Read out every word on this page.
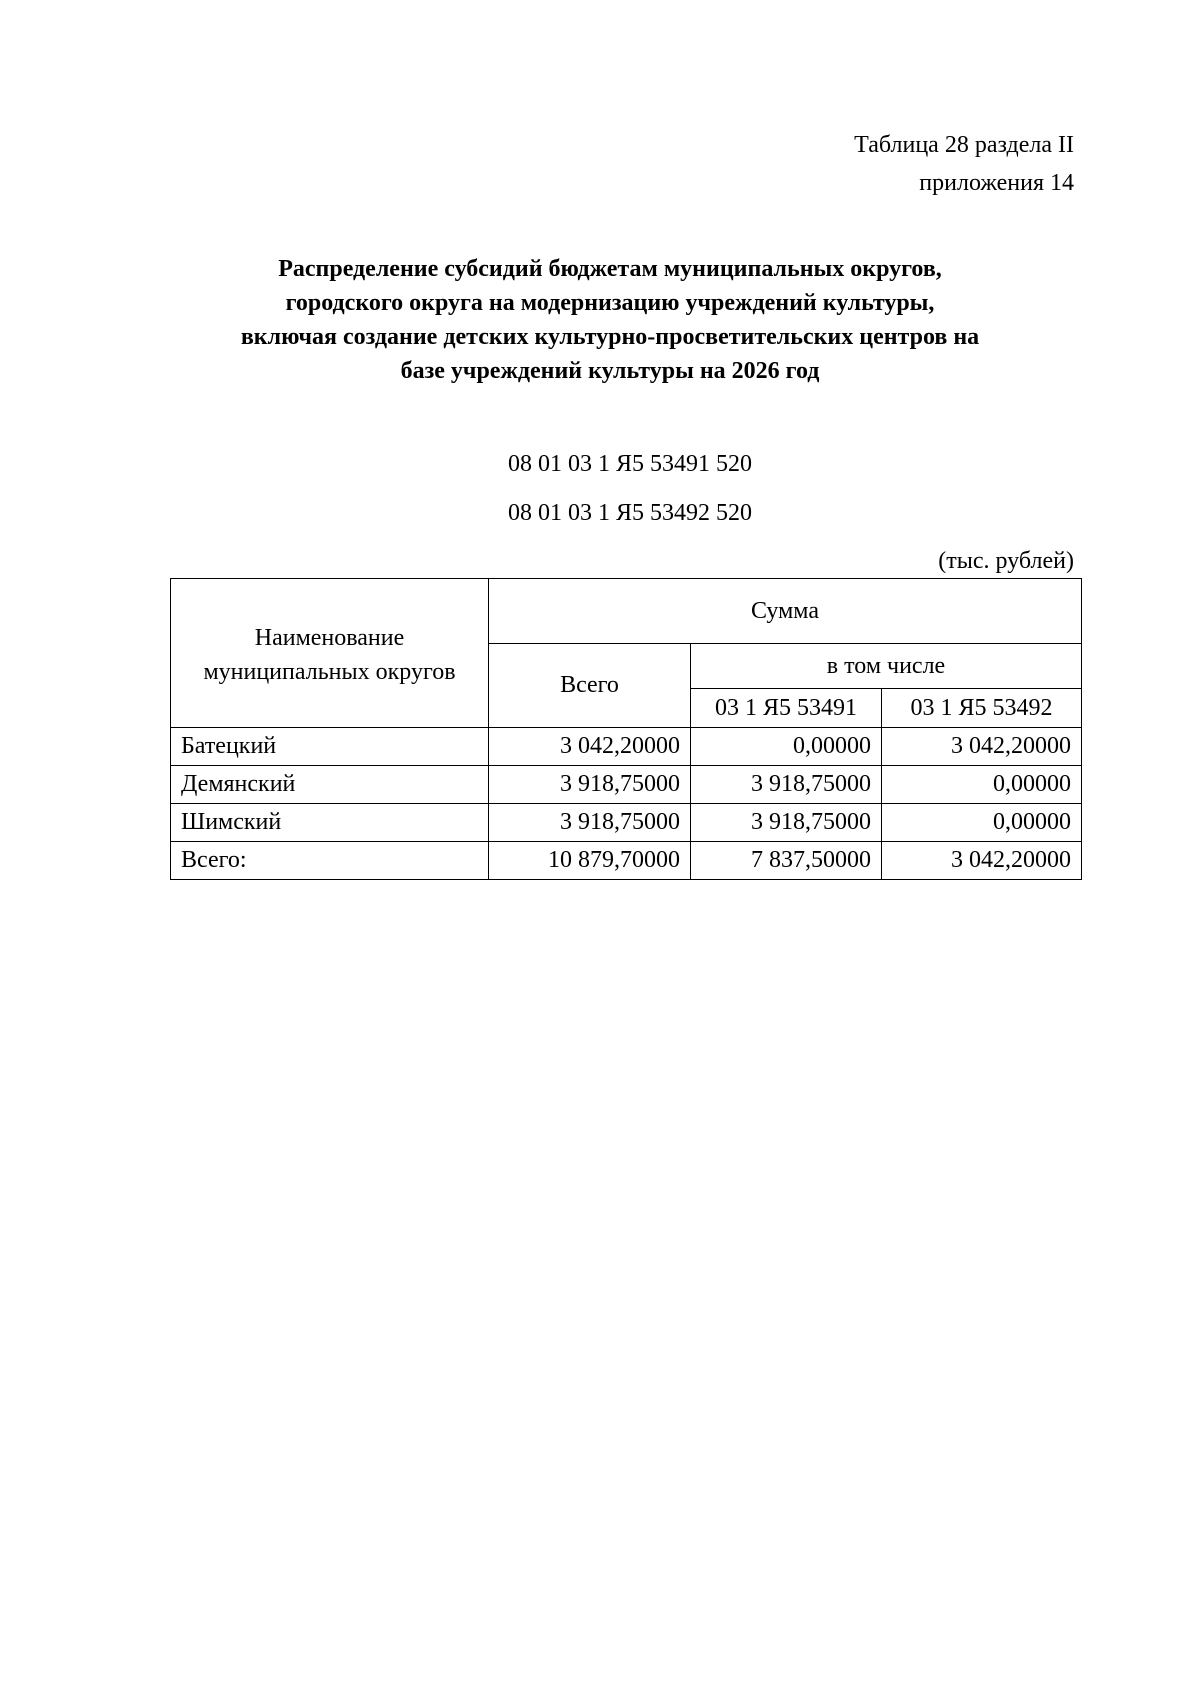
Таблица 28 раздела II
приложения 14
Распределение субсидий бюджетам муниципальных округов,
городского округа на модернизацию учреждений культуры,
включая создание детских культурно-просветительских центров на
базе учреждений культуры на 2026 год
08 01 03 1 Я5 53491 520
08 01 03 1 Я5 53492 520
(тыс. рублей)
Наименование муниципальных округов	Сумма		
	Всего	в том числе	
		03 1 Я5 53491	03 1 Я5 53492
Батецкий	3 042,20000	0,00000	3 042,20000
Демянский	3 918,75000	3 918,75000	0,00000
Шимский	3 918,75000	3 918,75000	0,00000
Всего:	10 879,70000	7 837,50000	3 042,20000
